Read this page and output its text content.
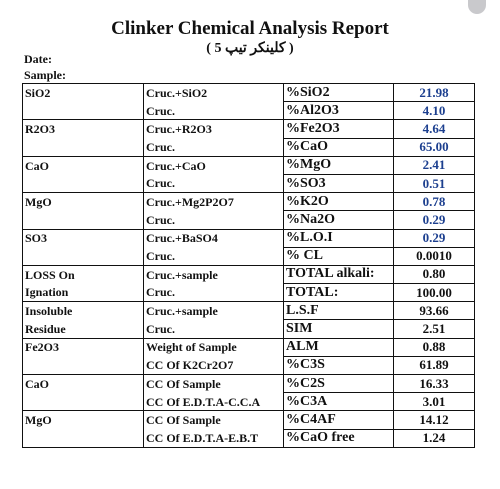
Clinker Chemical Analysis Report
( كلينكر تيپ 5 )
Date:
Sample:
SiO2	Cruc.+SiO2	%SiO2	21.98
	Cruc.	%Al2O3	4.10
R2O3	Cruc.+R2O3	%Fe2O3	4.64
	Cruc.	%CaO	65.00
CaO	Cruc.+CaO	%MgO	2.41
	Cruc.	%SO3	0.51
MgO	Cruc.+Mg2P2O7	%K2O	0.78
	Cruc.	%Na2O	0.29
SO3	Cruc.+BaSO4	%L.O.I	0.29
	Cruc.	% CL	0.0010
LOSS On	Cruc.+sample	TOTAL alkali:	0.80
Ignation	Cruc.	TOTAL:	100.00
Insoluble	Cruc.+sample	L.S.F	93.66
Residue	Cruc.	SIM	2.51
Fe2O3	Weight of Sample	ALM	0.88
	CC Of K2Cr2O7	%C3S	61.89
CaO	CC Of Sample	%C2S	16.33
	CC Of E.D.T.A-C.C.A	%C3A	3.01
MgO	CC Of Sample	%C4AF	14.12
	CC Of E.D.T.A-E.B.T	%CaO free	1.24
